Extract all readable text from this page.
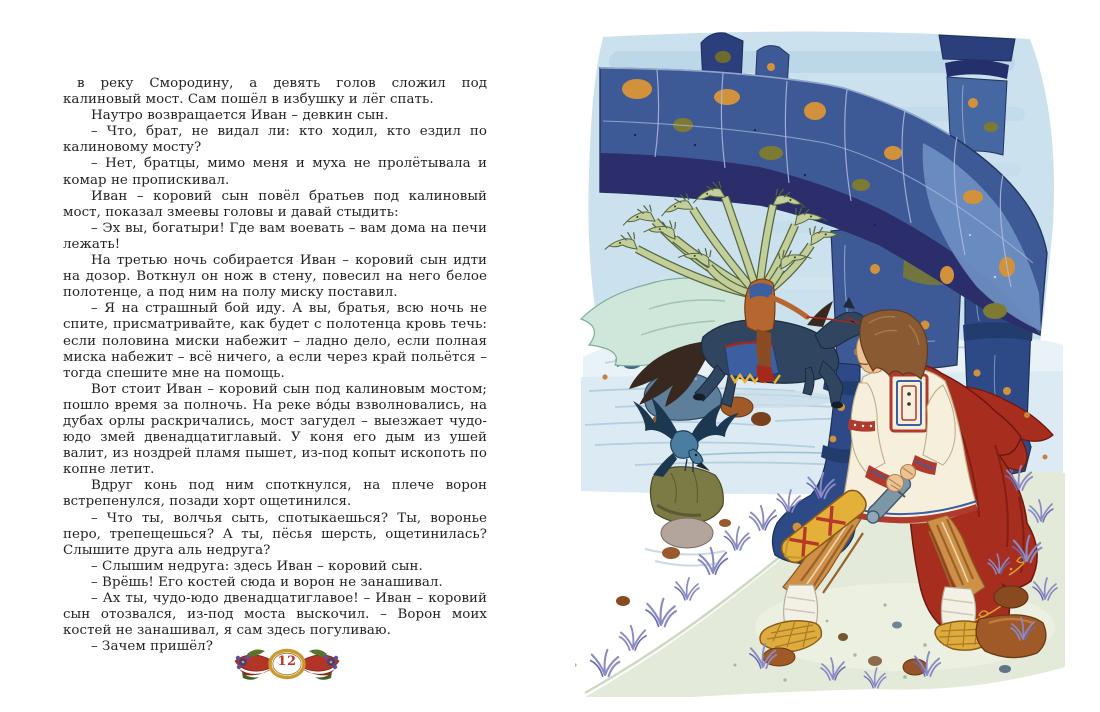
в реку Смородину, а девять голов сложил под калиновый мост. Сам пошёл в избушку и лёг спать.

Наутро возвращается Иван – девкин сын.

– Что, брат, не видал ли: кто ходил, кто ездил по калиновому мосту?

– Нет, братцы, мимо меня и муха не пролётывала и комар не пропискивал.

Иван – коровий сын повёл братьев под калиновый мост, показал змеевы головы и давай стыдить:

– Эх вы, богатыри! Где вам воевать – вам дома на печи лежать!

На третью ночь собирается Иван – коровий сын идти на дозор. Воткнул он нож в стену, повесил на него белое полотенце, а под ним на полу миску поставил.

– Я на страшный бой иду. А вы, братья, всю ночь не спите, присматривайте, как будет с полотенца кровь течь: если половина миски набежит – ладно дело, если полная миска набежит – всё ничего, а если через край польётся – тогда спешите мне на помощь.

Вот стоит Иван – коровий сын под калиновым мостом; пошло время за полночь. На реке во́ды взволновались, на дубах орлы раскричались, мост загудел – выезжает чудо-юдо змей двенадцатиглавый. У коня его дым из ушей валит, из ноздрей пламя пышет, из-под копыт ископоть по копне летит.

Вдруг конь под ним споткнулся, на плече ворон встрепенулся, позади хорт ощетинился.

– Что ты, волчья сыть, спотыкаешься? Ты, воронье перо, трепещешься? А ты, пёсья шерсть, ощетинилась? Слышите друга аль недруга?

– Слышим недруга: здесь Иван – коровий сын.

– Врёшь! Его костей сюда и ворон не занашивал.

– Ах ты, чудо-юдо двенадцатиглавое! – Иван – коровий сын отозвался, из-под моста выскочил. – Ворон моих костей не занашивал, я сам здесь погуливаю.

– Зачем пришёл?

12
